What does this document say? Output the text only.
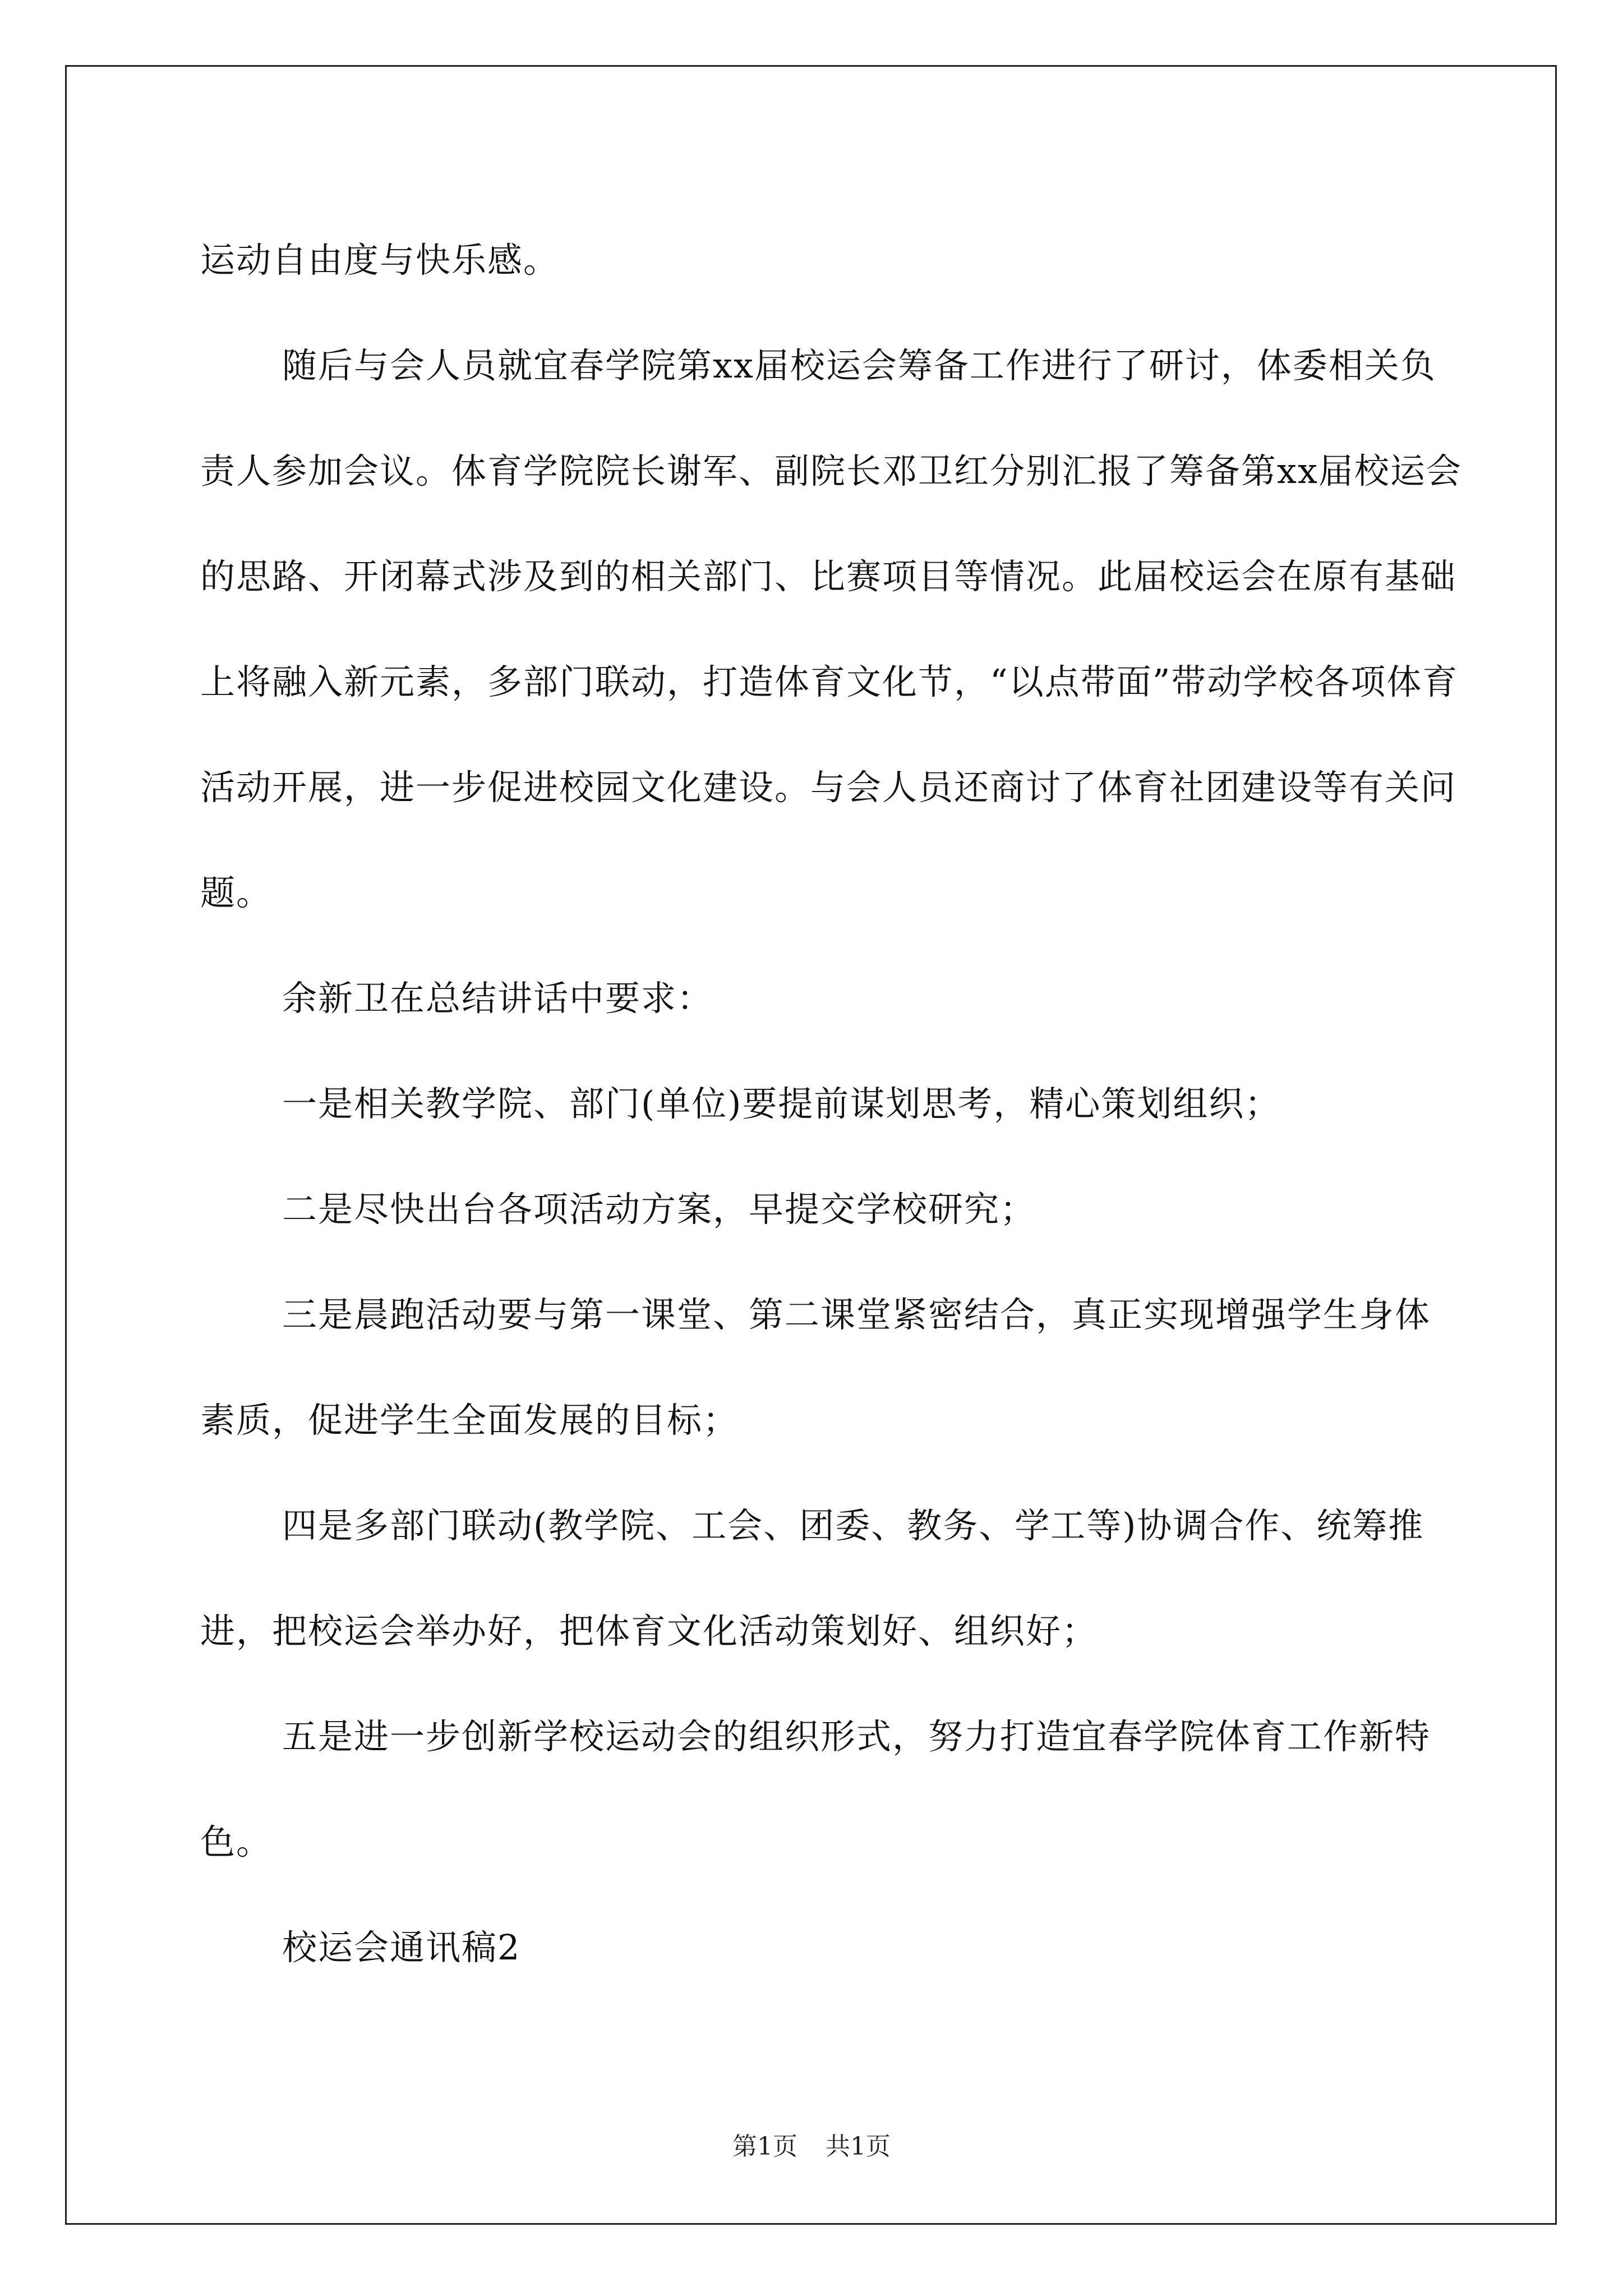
运动自由度与快乐感。

随后与会人员就宜春学院第xx届校运会筹备工作进行了研讨，体委相关负责人参加会议。体育学院院长谢军、副院长邓卫红分别汇报了筹备第xx届校运会的思路、开闭幕式涉及到的相关部门、比赛项目等情况。此届校运会在原有基础上将融入新元素，多部门联动，打造体育文化节，“以点带面”带动学校各项体育活动开展，进一步促进校园文化建设。与会人员还商讨了体育社团建设等有关问题。

余新卫在总结讲话中要求：

一是相关教学院、部门(单位)要提前谋划思考，精心策划组织；

二是尽快出台各项活动方案，早提交学校研究；

三是晨跑活动要与第一课堂、第二课堂紧密结合，真正实现增强学生身体素质，促进学生全面发展的目标；

四是多部门联动(教学院、工会、团委、教务、学工等)协调合作、统筹推进，把校运会举办好，把体育文化活动策划好、组织好；

五是进一步创新学校运动会的组织形式，努力打造宜春学院体育工作新特色。

校运会通讯稿2

第1页 共1页
